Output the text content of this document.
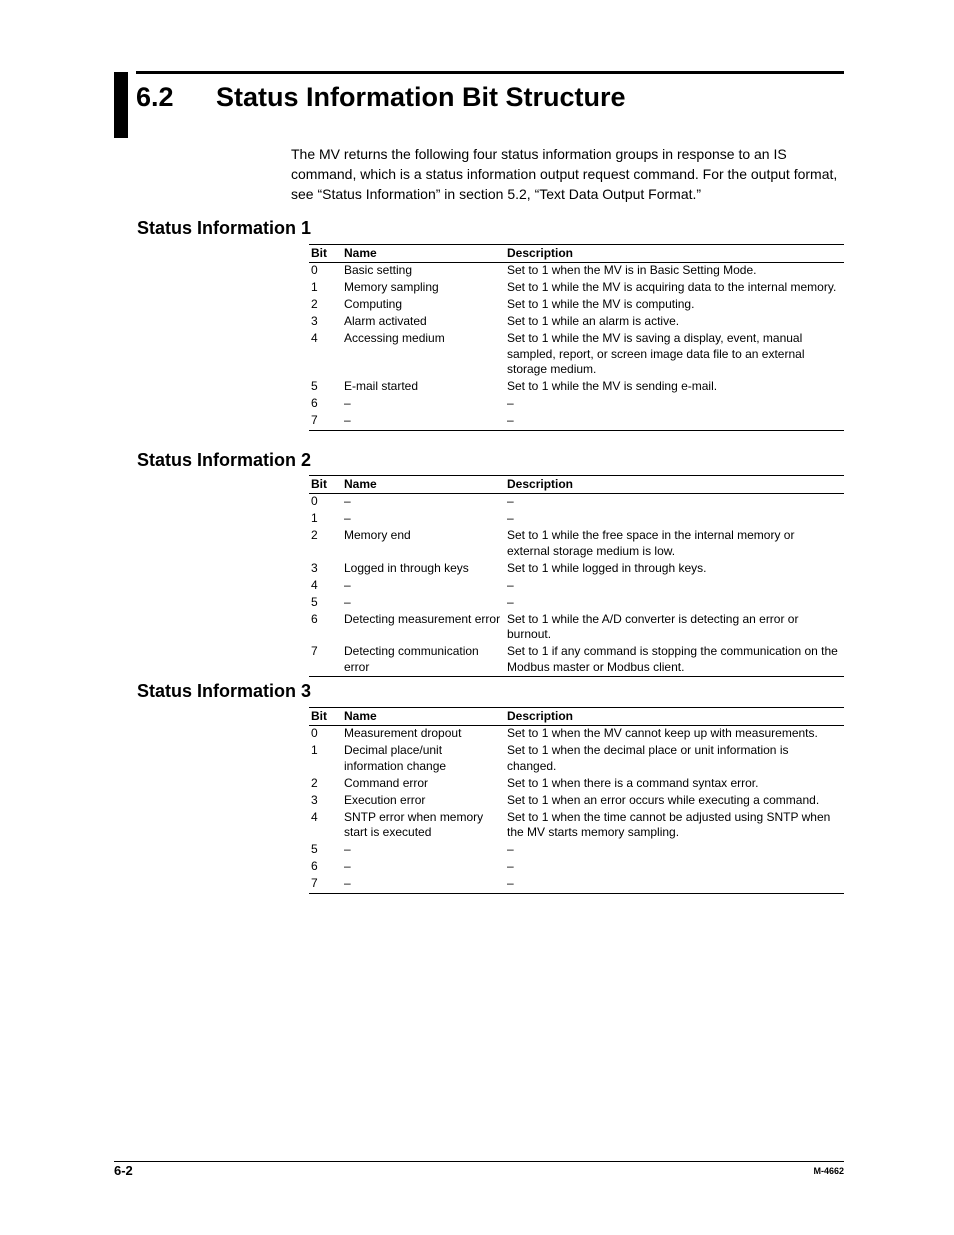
6.2 Status Information Bit Structure

The MV returns the following four status information groups in response to an IS command, which is a status information output request command. For the output format, see “Status Information” in section 5.2, “Text Data Output Format.”

Status Information 1
Bit	Name	Description
0	Basic setting	Set to 1 when the MV is in Basic Setting Mode.
1	Memory sampling	Set to 1 while the MV is acquiring data to the internal memory.
2	Computing	Set to 1 while the MV is computing.
3	Alarm activated	Set to 1 while an alarm is active.
4	Accessing medium	Set to 1 while the MV is saving a display, event, manual sampled, report, or screen image data file to an external storage medium.
5	E-mail started	Set to 1 while the MV is sending e-mail.
6	–	–
7	–	–
Status Information 2
Bit	Name	Description
0	–	–
1	–	–
2	Memory end	Set to 1 while the free space in the internal memory or external storage medium is low.
3	Logged in through keys	Set to 1 while logged in through keys.
4	–	–
5	–	–
6	Detecting measurement error	Set to 1 while the A/D converter is detecting an error or burnout.
7	Detecting communication error	Set to 1 if any command is stopping the communication on the Modbus master or Modbus client.
Status Information 3
Bit	Name	Description
0	Measurement dropout	Set to 1 when the MV cannot keep up with measurements.
1	Decimal place/unit information change	Set to 1 when the decimal place or unit information is changed.
2	Command error	Set to 1 when there is a command syntax error.
3	Execution error	Set to 1 when an error occurs while executing a command.
4	SNTP error when memory start is executed	Set to 1 when the time cannot be adjusted using SNTP when the MV starts memory sampling.
5	–	–
6	–	–
7	–	–
6-2	M-4662
